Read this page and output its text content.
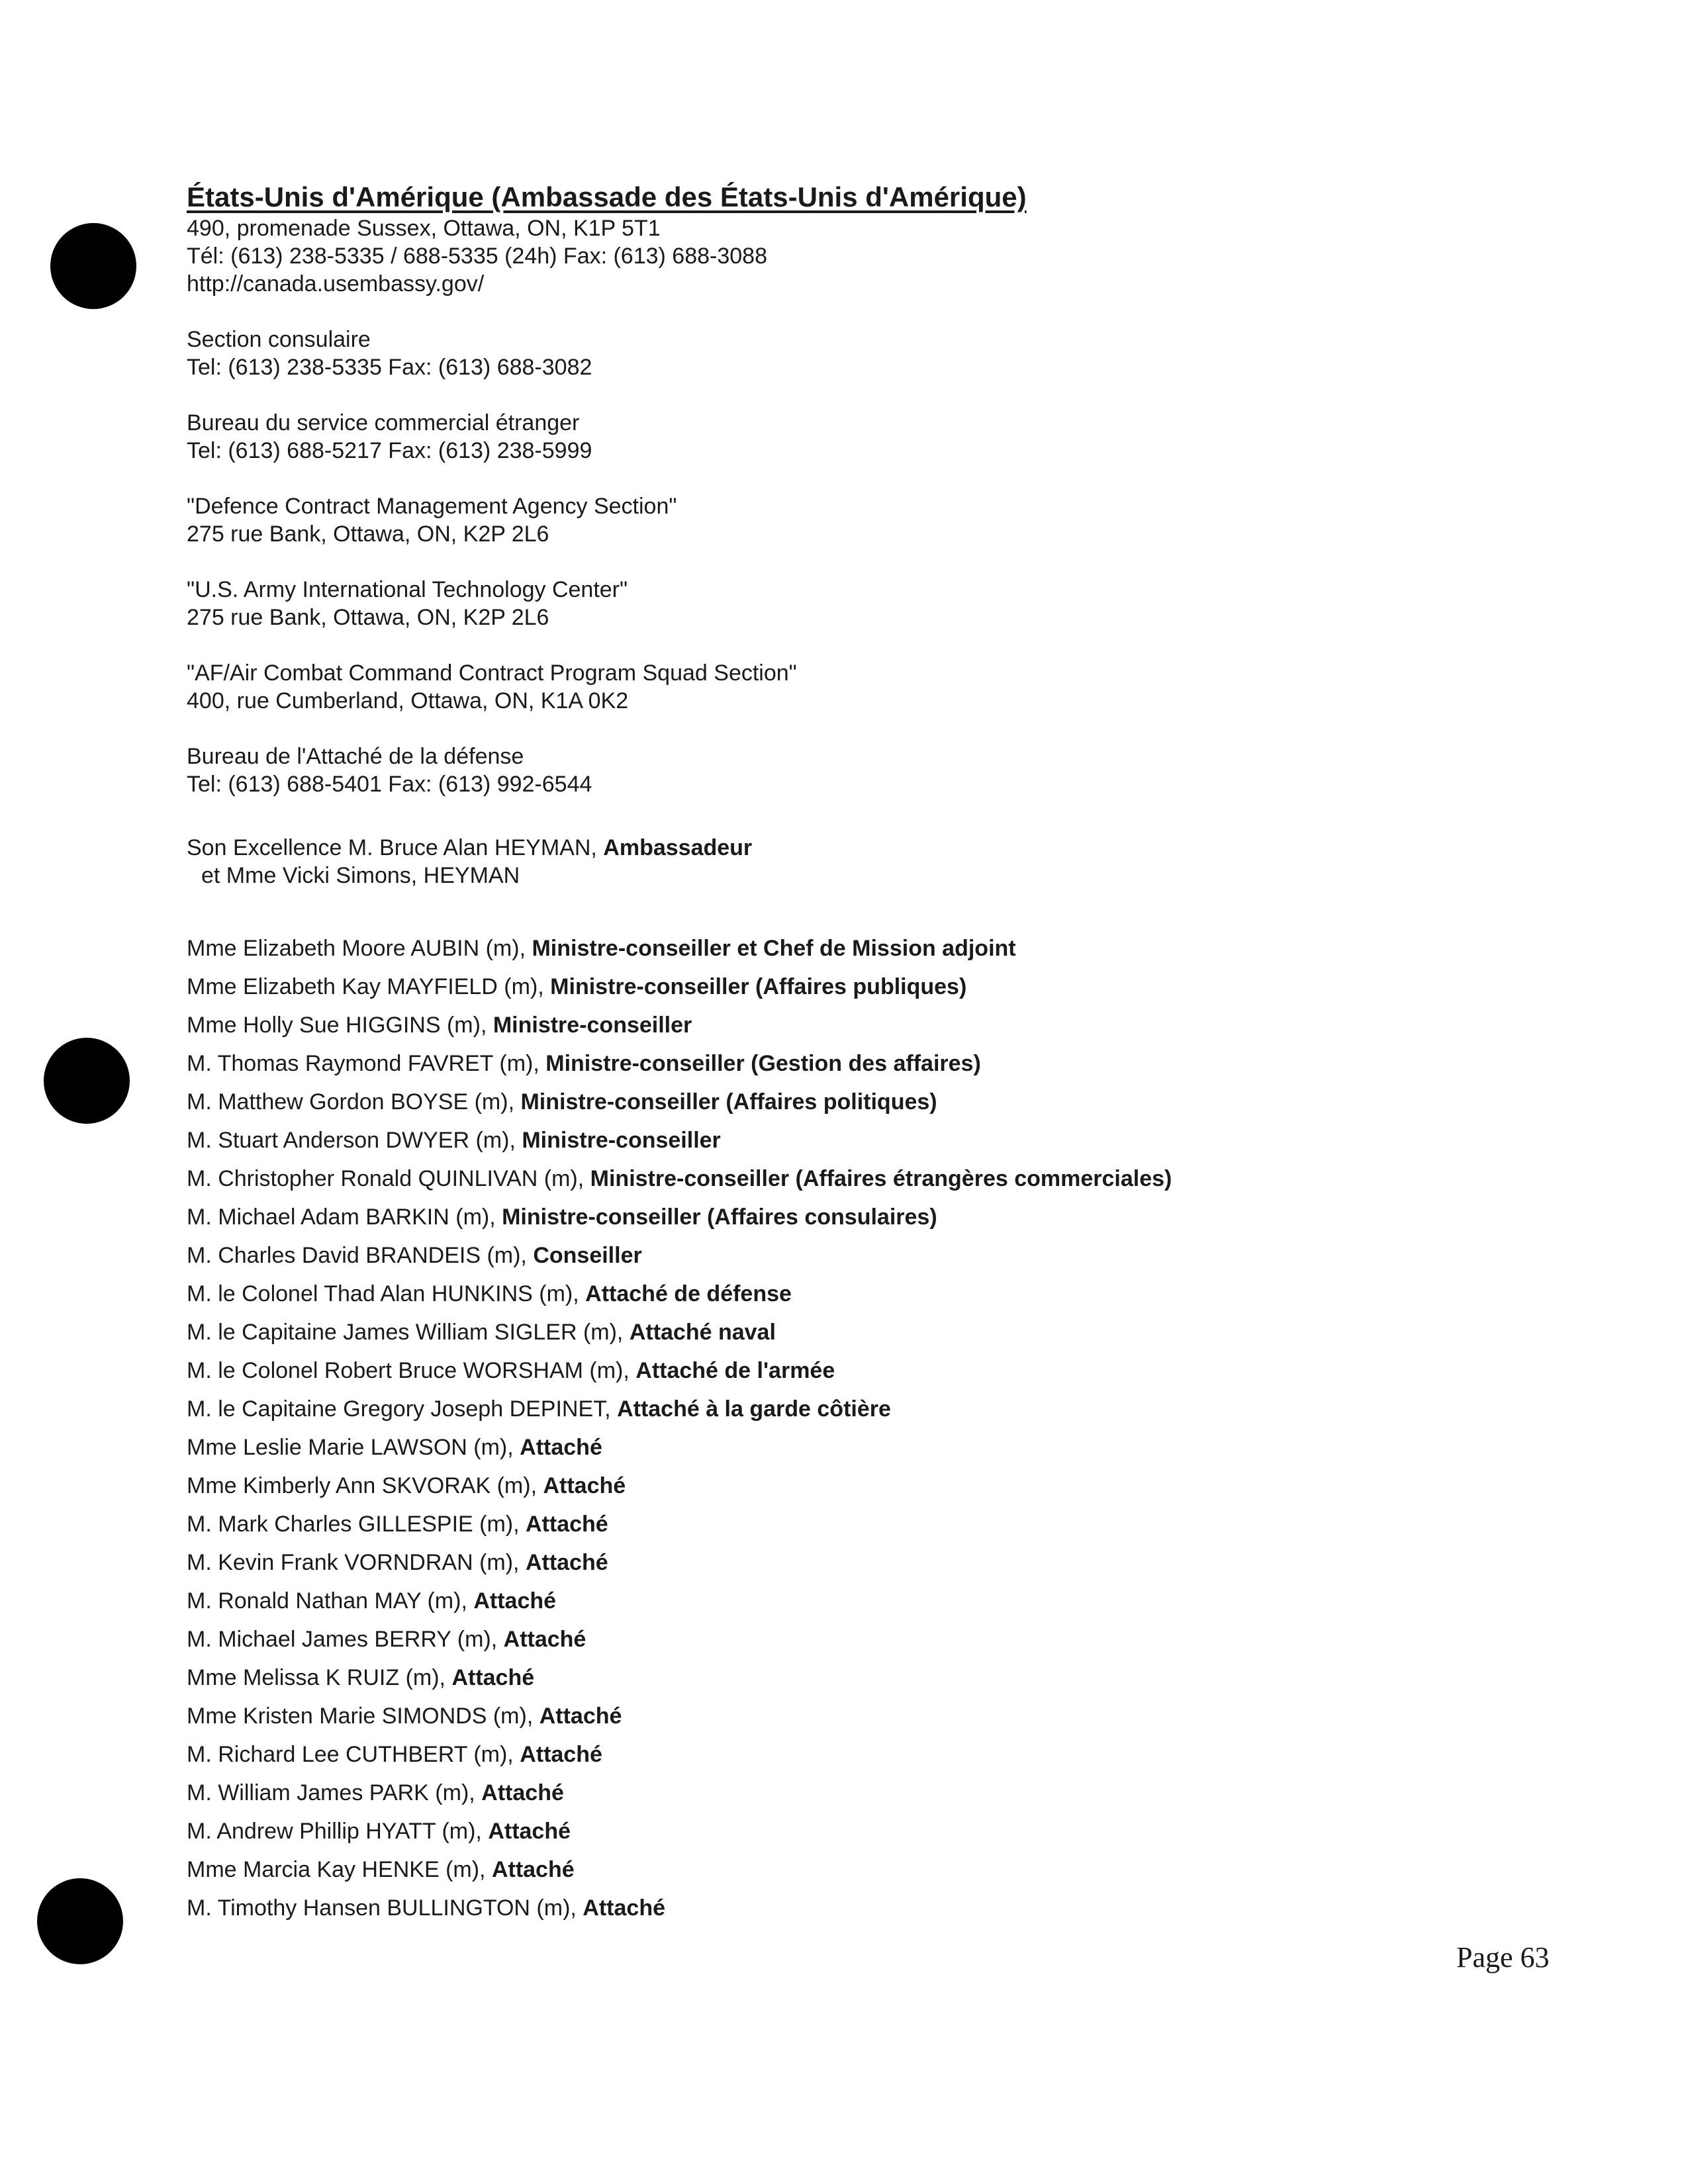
États-Unis d'Amérique (Ambassade des États-Unis d'Amérique)
490, promenade Sussex, Ottawa, ON, K1P 5T1
Tél: (613) 238-5335 / 688-5335 (24h) Fax: (613) 688-3088
http://canada.usembassy.gov/
Section consulaire
Tel: (613) 238-5335 Fax: (613) 688-3082
Bureau du service commercial étranger
Tel: (613) 688-5217 Fax: (613) 238-5999
"Defence Contract Management Agency Section"
275 rue Bank, Ottawa, ON, K2P 2L6
"U.S. Army International Technology Center"
275 rue Bank, Ottawa, ON, K2P 2L6
"AF/Air Combat Command Contract Program Squad Section"
400, rue Cumberland, Ottawa, ON, K1A 0K2
Bureau de l'Attaché de la défense
Tel: (613) 688-5401 Fax: (613) 992-6544
Son Excellence M. Bruce Alan HEYMAN, Ambassadeur
et Mme Vicki Simons, HEYMAN
Mme Elizabeth Moore AUBIN (m), Ministre-conseiller et Chef de Mission adjoint
Mme Elizabeth Kay MAYFIELD (m), Ministre-conseiller (Affaires publiques)
Mme Holly Sue HIGGINS (m), Ministre-conseiller
M. Thomas Raymond FAVRET (m), Ministre-conseiller (Gestion des affaires)
M. Matthew Gordon BOYSE (m), Ministre-conseiller (Affaires politiques)
M. Stuart Anderson DWYER (m), Ministre-conseiller
M. Christopher Ronald QUINLIVAN (m), Ministre-conseiller (Affaires étrangères commerciales)
M. Michael Adam BARKIN (m), Ministre-conseiller (Affaires consulaires)
M. Charles David BRANDEIS (m), Conseiller
M. le Colonel Thad Alan HUNKINS (m), Attaché de défense
M. le Capitaine James William SIGLER (m), Attaché naval
M. le Colonel Robert Bruce WORSHAM (m), Attaché de l'armée
M. le Capitaine Gregory Joseph DEPINET, Attaché à la garde côtière
Mme Leslie Marie LAWSON (m), Attaché
Mme Kimberly Ann SKVORAK (m), Attaché
M. Mark Charles GILLESPIE (m), Attaché
M. Kevin Frank VORNDRAN (m), Attaché
M. Ronald Nathan MAY (m), Attaché
M. Michael James BERRY (m), Attaché
Mme Melissa K RUIZ (m), Attaché
Mme Kristen Marie SIMONDS (m), Attaché
M. Richard Lee CUTHBERT (m), Attaché
M. William James PARK (m), Attaché
M. Andrew Phillip HYATT (m), Attaché
Mme Marcia Kay HENKE (m), Attaché
M. Timothy Hansen BULLINGTON (m), Attaché
Page 63
